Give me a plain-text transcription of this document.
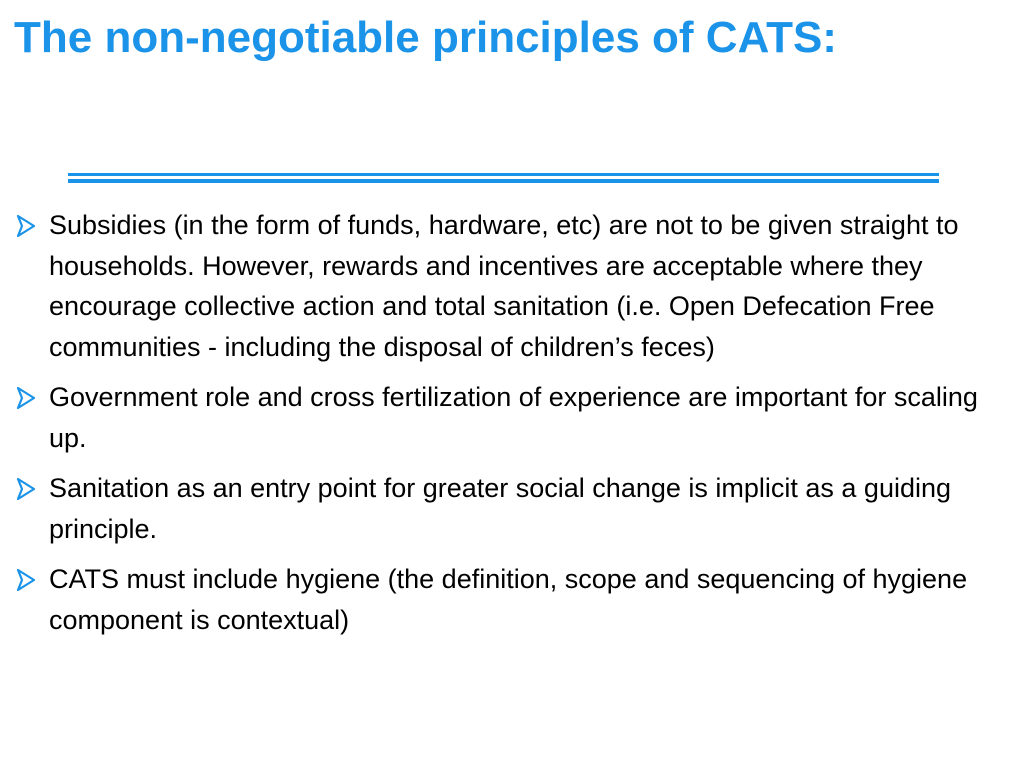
The non-negotiable principles of CATS:
Subsidies (in the form of funds, hardware, etc) are not to be given straight to households. However, rewards and incentives are acceptable where they encourage collective action and total sanitation (i.e. Open Defecation Free communities - including the disposal of children’s feces)
Government role and cross fertilization of experience are important for scaling up.
Sanitation as an entry point for greater social change is implicit as a guiding principle.
CATS must include hygiene (the definition, scope and sequencing of hygiene component is contextual)
